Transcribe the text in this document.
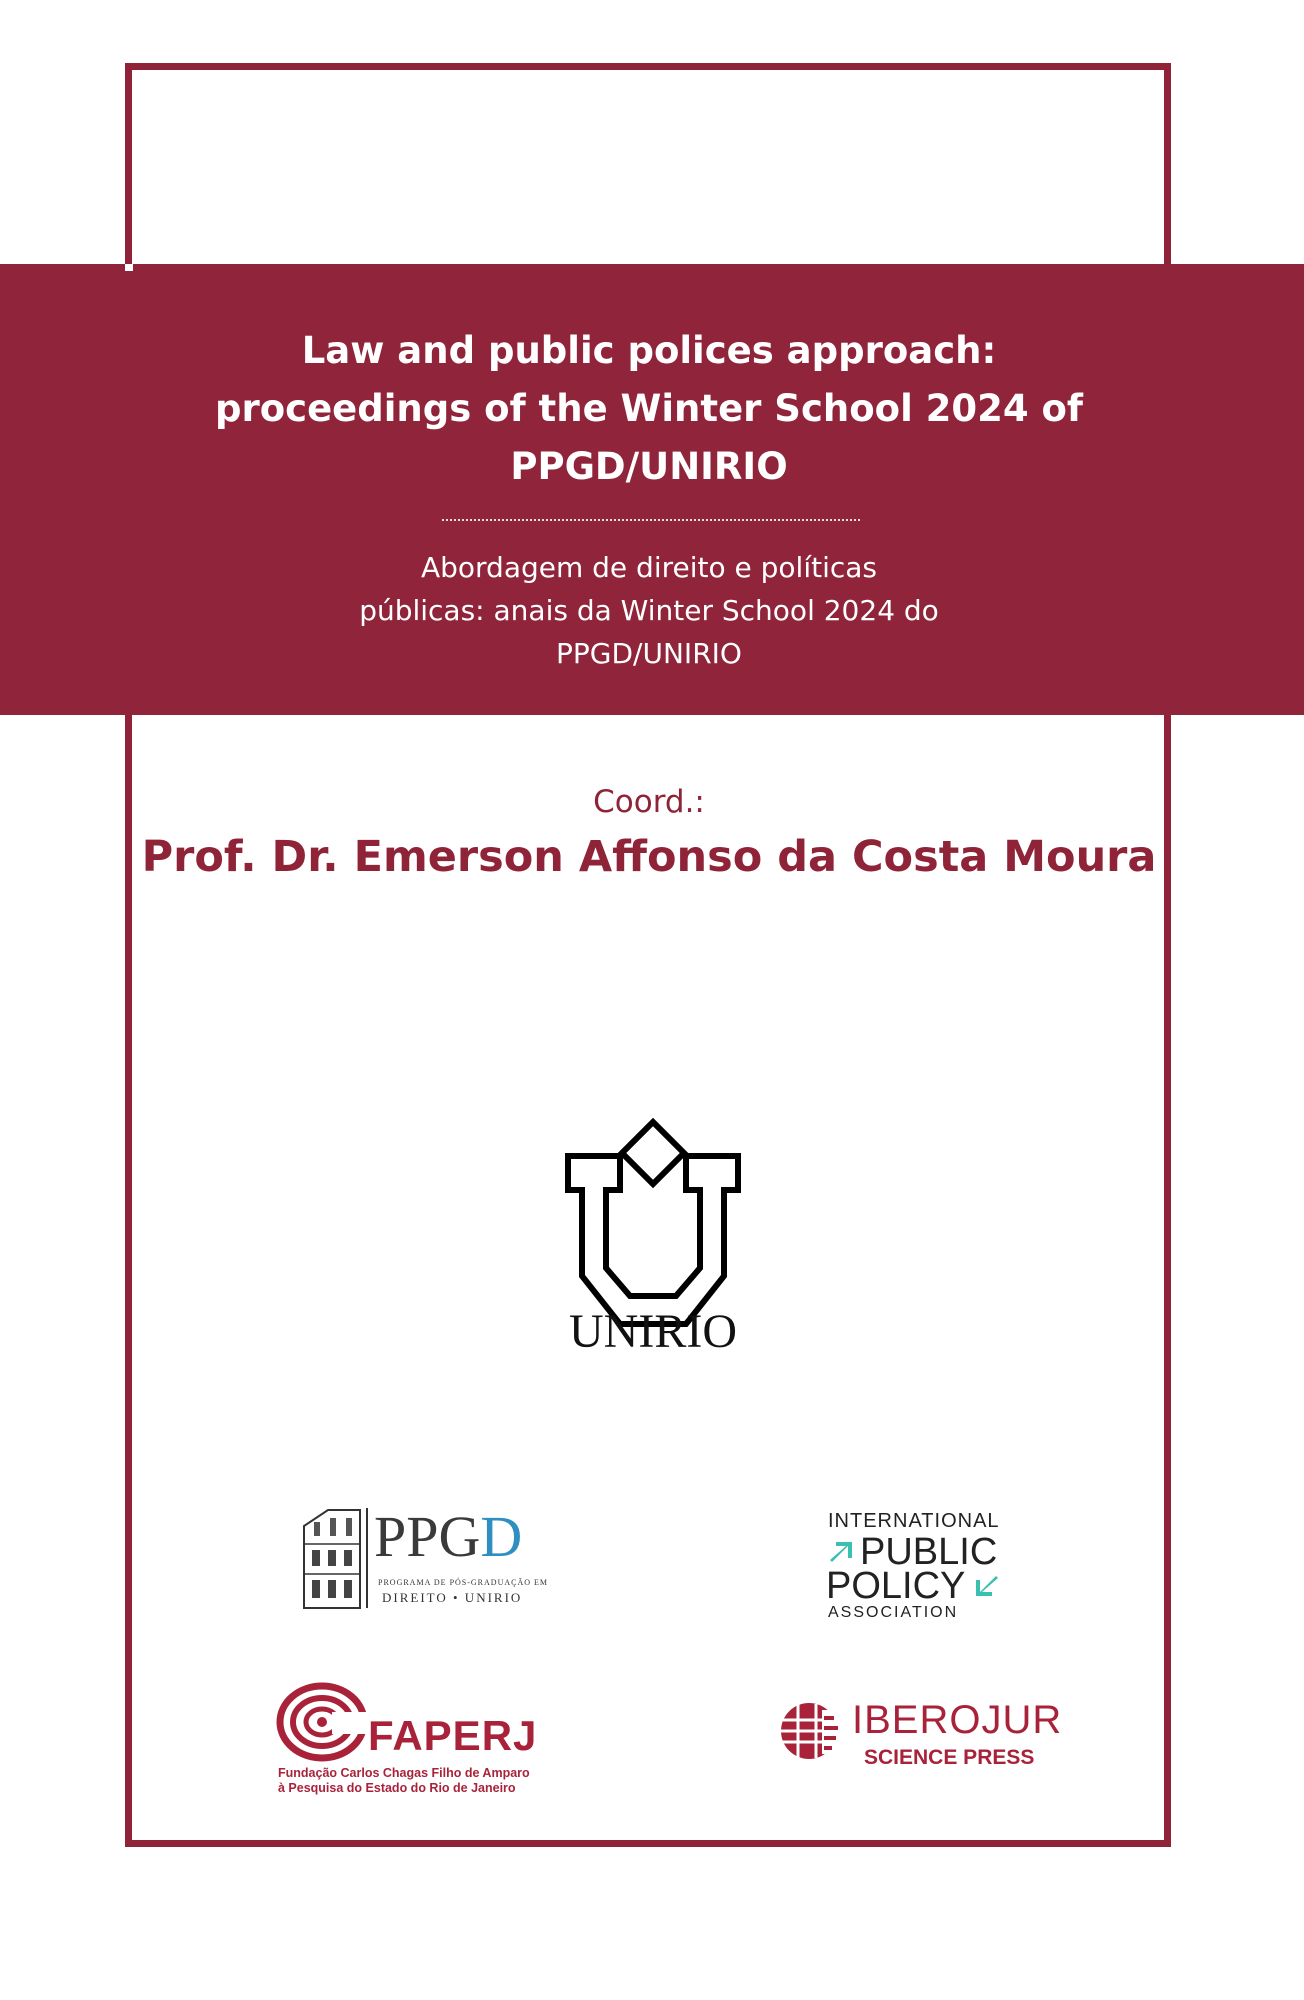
Law and public polices approach:
proceedings of the Winter School 2024 of
PPGD/UNIRIO
Abordagem de direito e políticas
públicas: anais da Winter School 2024 do
PPGD/UNIRIO
Coord.:
Prof. Dr. Emerson Affonso da Costa Moura
UNIRIO
PPGD
PROGRAMA DE PÓS-GRADUAÇÃO EM
DIREITO • UNIRIO
INTERNATIONAL
PUBLIC
POLICY
ASSOCIATION
FAPERJ
Fundação Carlos Chagas Filho de Amparo
à Pesquisa do Estado do Rio de Janeiro
IBEROJUR
SCIENCE PRESS
